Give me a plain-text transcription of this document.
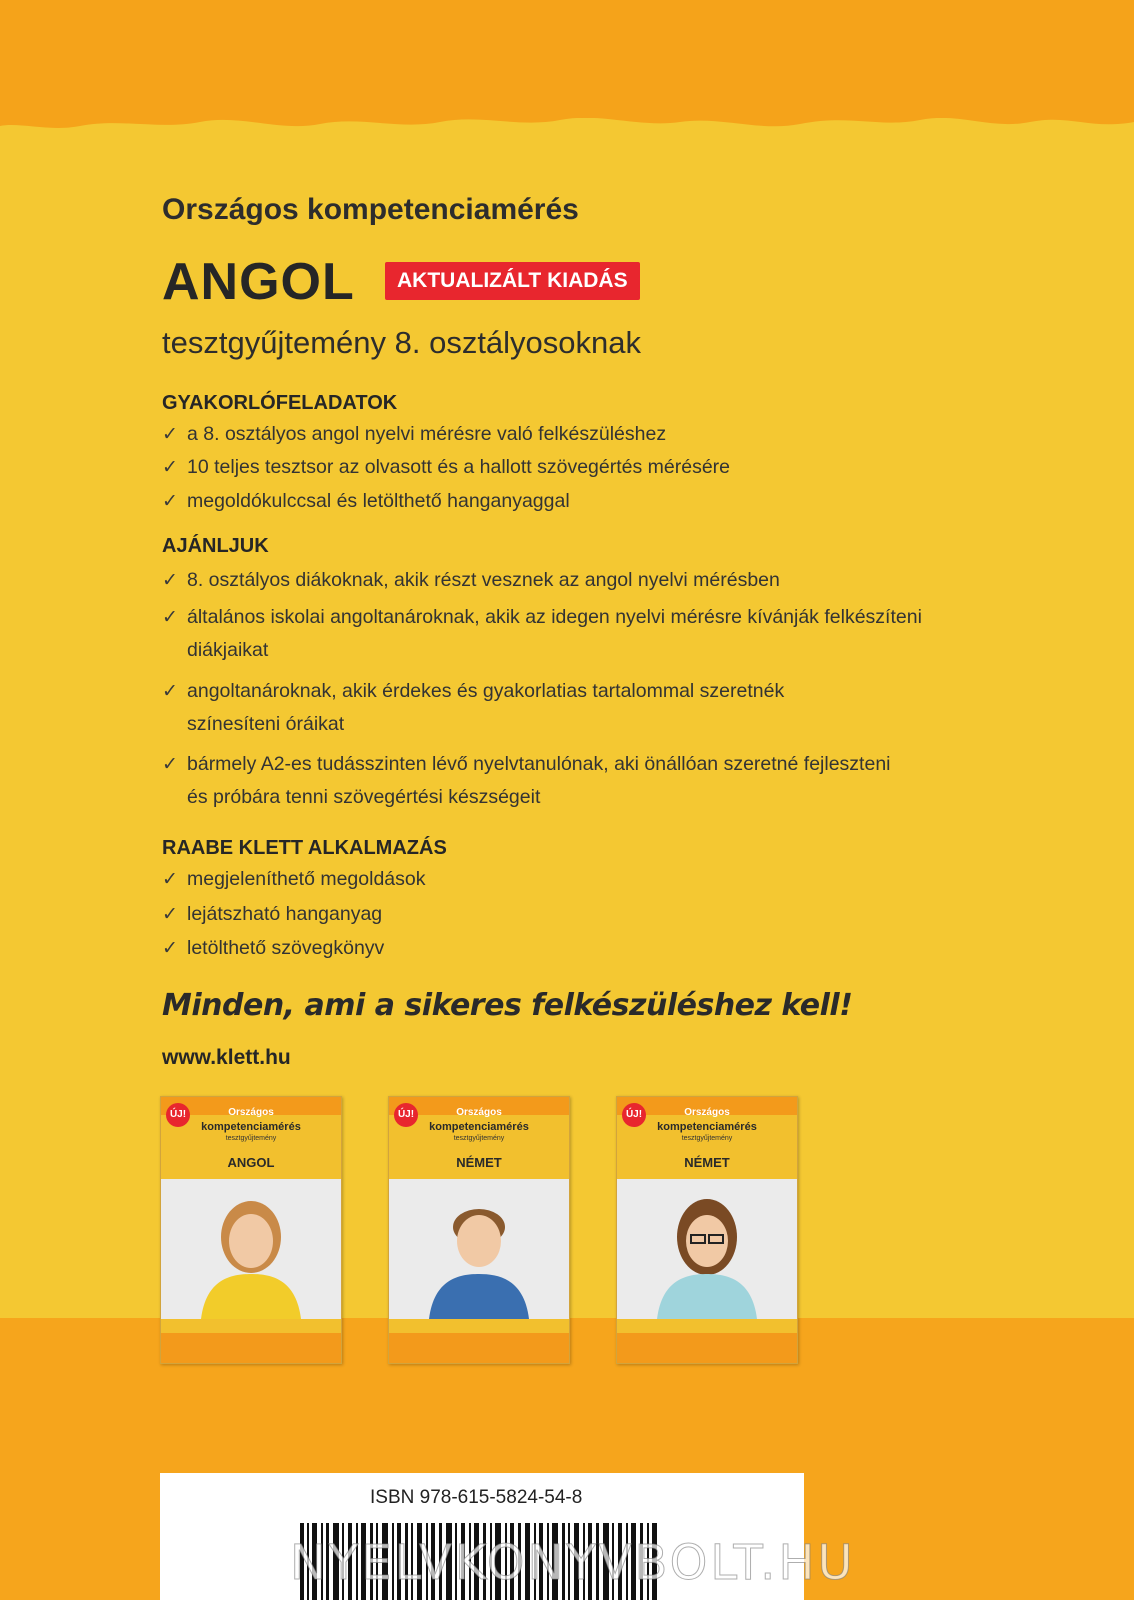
Országos kompetenciamérés
ANGOL	AKTUALIZÁLT KIADÁS
tesztgyűjtemény 8. osztályosoknak
GYAKORLÓFELADATOK
✓ a 8. osztályos angol nyelvi mérésre való felkészüléshez
✓ 10 teljes tesztsor az olvasott és a hallott szövegértés mérésére
✓ megoldókulccsal és letölthető hanganyaggal
AJÁNLJUK
✓ 8. osztályos diákoknak, akik részt vesznek az angol nyelvi mérésben
✓ általános iskolai angoltanároknak, akik az idegen nyelvi mérésre kívánják felkészíteni
diákjaikat
✓ angoltanároknak, akik érdekes és gyakorlatias tartalommal szeretnék
színesíteni óráikat
✓ bármely A2-es tudásszinten lévő nyelvtanulónak, aki önállóan szeretné fejleszteni
és próbára tenni szövegértési készségeit
RAABE KLETT ALKALMAZÁS
✓ megjeleníthető megoldások
✓ lejátszható hanganyag
✓ letölthető szövegkönyv
Minden, ami a sikeres felkészüléshez kell!
www.klett.hu
ÚJ!	Országos
kompetenciamérés
tesztgyűjtemény
ANGOL
ÚJ!	Országos
kompetenciamérés
tesztgyűjtemény
NÉMET
ÚJ!	Országos
kompetenciamérés
tesztgyűjtemény
NÉMET
ISBN 978-615-5824-54-8
NYELVKONYVBOLT.HU
